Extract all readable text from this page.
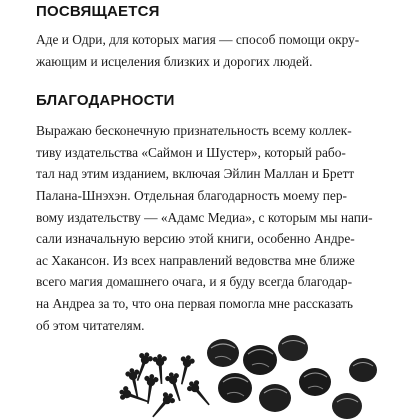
ПОСВЯЩАЕТСЯ

Аде и Одри, для которых магия — способ помощи окру-

жающим и исцеления близких и дорогих людей.

БЛАГОДАРНОСТИ

Выражаю бесконечную признательность всему коллек-

тиву издательства «Саймон и Шустер», который рабо-

тал над этим изданием, включая Эйлин Маллан и Бретт

Палана-Шнэхэн. Отдельная благодарность моему пер-

вому издательству — «Адамс Медиа», с которым мы напи-

сали изначальную версию этой книги, особенно Андре-

ас Хакансон. Из всех направлений ведовства мне ближе

всего магия домашнего очага, и я буду всегда благодар-

на Андреа за то, что она первая помогла мне рассказать

об этом читателям.
